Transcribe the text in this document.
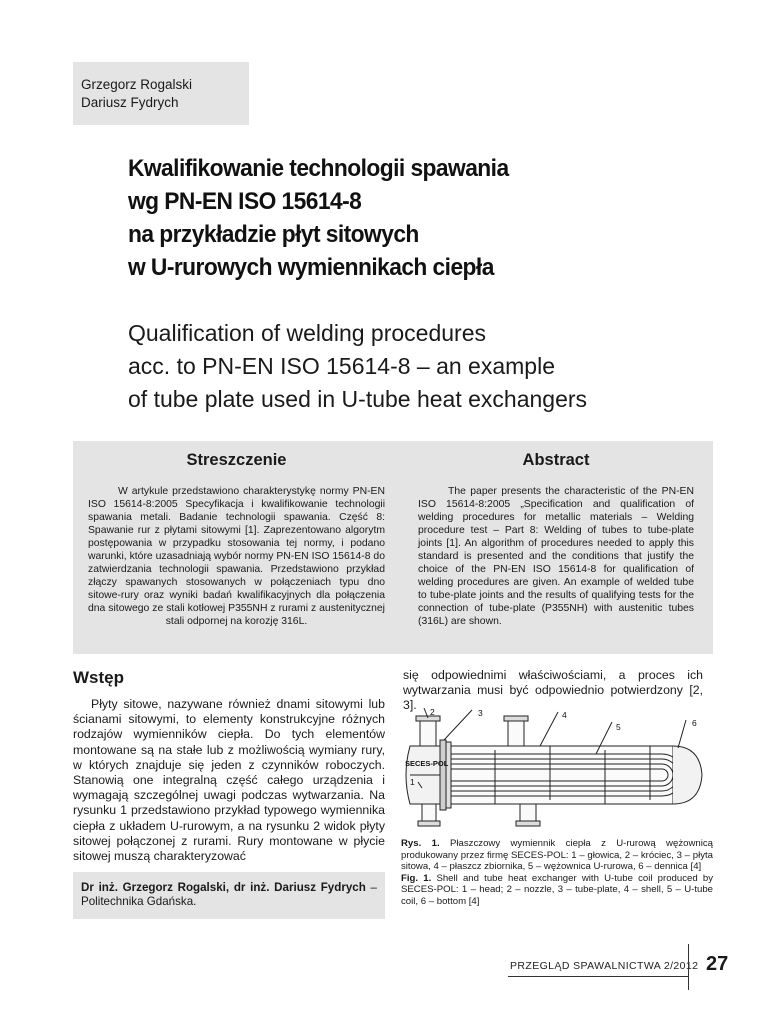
Grzegorz Rogalski
Dariusz Fydrych
Kwalifikowanie technologii spawania
wg PN-EN ISO 15614-8
na przykładzie płyt sitowych
w U-rurowych wymiennikach ciepła
Qualification of welding procedures
acc. to PN-EN ISO 15614-8 – an example
of tube plate used in U-tube heat exchangers
Streszczenie

W artykule przedstawiono charakterystykę normy PN-EN ISO 15614-8:2005 Specyfikacja i kwalifikowanie technologii spawania metali. Badanie technologii spawania. Część 8: Spawanie rur z płytami sitowymi [1]. Zaprezentowano algorytm postępowania w przypadku stosowania tej normy, i podano warunki, które uzasadniają wybór normy PN-EN ISO 15614-8 do zatwierdzania technologii spawania. Przedstawiono przykład złączy spawanych stosowanych w połączeniach typu dno sitowe-rury oraz wyniki badań kwalifikacyjnych dla połączenia dna sitowego ze stali kotłowej P355NH z rurami z austenitycznej stali odpornej na korozję 316L.

Abstract

The paper presents the characteristic of the PN-EN ISO 15614-8:2005 „Specification and qualification of welding procedures for metallic materials – Welding procedure test – Part 8: Welding of tubes to tube-plate joints [1]. An algorithm of procedures needed to apply this standard is presented and the conditions that justify the choice of the PN-EN ISO 15614-8 for qualification of welding procedures are given. An example of welded tube to tube-plate joints and the results of qualifying tests for the connection of tube-plate (P355NH) with austenitic tubes (316L) are shown.

Wstęp

Płyty sitowe, nazywane również dnami sitowymi lub ścianami sitowymi, to elementy konstrukcyjne różnych rodzajów wymienników ciepła. Do tych elementów montowane są na stałe lub z możliwością wymiany rury, w których znajduje się jeden z czynników roboczych. Stanowią one integralną część całego urządzenia i wymagają szczególnej uwagi podczas wytwarzania. Na rysunku 1 przedstawiono przykład typowego wymiennika ciepła z układem U-rurowym, a na rysunku 2 widok płyty sitowej połączonej z rurami. Rury montowane w płycie sitowej muszą charakteryzować

Dr inż. Grzegorz Rogalski, dr inż. Dariusz Fydrych – Politechnika Gdańska.

się odpowiednimi właściwościami, a proces ich wytwarzania musi być odpowiednio potwierdzony [2, 3].

1
2	3	4
5	6
SECES-POL

Rys. 1. Płaszczowy wymiennik ciepła z U-rurową wężownicą produkowany przez firmę SECES-POL: 1 – głowica, 2 – króciec, 3 – płyta sitowa, 4 – płaszcz zbiornika, 5 – wężownica U-rurowa, 6 – dennica [4]

Fig. 1. Shell and tube heat exchanger with U-tube coil produced by SECES-POL: 1 – head; 2 – nozzle, 3 – tube-plate, 4 – shell, 5 – U-tube coil, 6 – bottom [4]

PRZEGLĄD SPAWALNICTWA 2/2012 27
